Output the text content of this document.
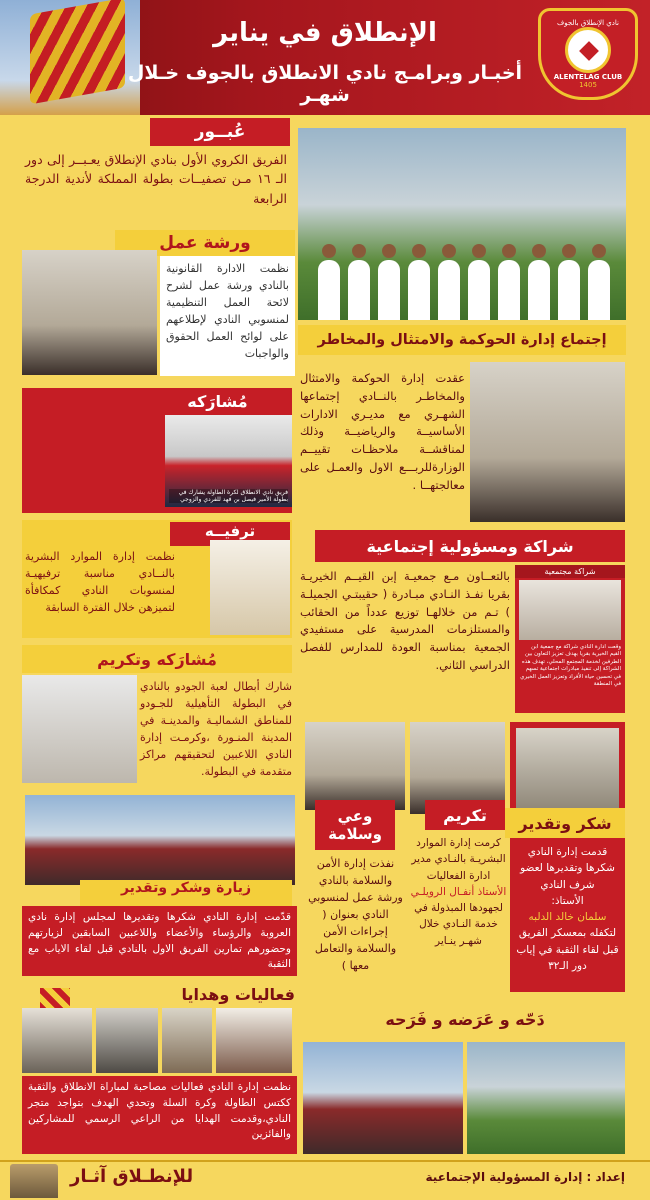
نادي الإنطلاق بالجوف
ALENTELAG CLUB
1405
الإنطلاق في يناير
أخبـار وبرامـج نادي الانطلاق بالجوف خـلال شهـر
عُبــور
الفريق الكروي الأول بنادي الإنطلاق يعـبــر إلى دور الـ ١٦ مـن تصفيــات بطولة المملكة لأندية الدرجة الرابعة
ورشة عمل
نظمت الادارة القانونية بالنادي ورشة عمل لشرح لائحة العمل التنظيمية لمنسوبي النادي لإطلاعهم على لوائح العمل الحقوق والواجبات
إجتماع إدارة الحوكمة والامتثال والمخاطر
عقدت إدارة الحوكمة والامتثال والمخاطـر بالنــادي إجتماعها الشهـري مع مديـري الادارات الأساسيــة والرياضيــة وذلك لمناقشــة ملاحظـات تقييــم الوزارةللربـــع الاول والعمـل على معالجتهــا .
مُشارَكه
فريق نادي الانطلاق لكرة الطاولة يشارك في بطولة الأمير فيصل بن فهد للفردي والزوجي
ترفيــه
نظمت إدارة الموارد البشرية بالنــادي مناسبة ترفيهيـة لمنسوبات النادي كمكافأة لتميزهن خلال الفترة السابقة
شراكة ومسؤولية إجتماعية
بالتعــاون مـع جمعيـة إبن القيــم الخيريـة بقريا نفـذ النـادي مبـادرة ( حقيبتـي الجميلـة ) تـم من خلالهـا توزيع عدداً من الحقائب والمستلزمات المدرسية على مستفيدي الجمعية بمناسبة العودة للمدارس للفصل الدراسي الثاني.
شراكة مجتمعية
وقعت ادارة النادي شراكة مع جمعية ابن القيم الخيرية بقريا بهدف تعزيز التعاون بين الطرفين لخدمة المجتمع المحلي، تهدف هذه الشراكة إلى تنفيذ مبادرات اجتماعية تسهم في تحسين حياة الأفراد وتعزيز العمل الخيري في المنطقة
مُشارَكه وتكريم
شارك أبطال لعبة الجودو بالنادي في البطولة التأهيلية للجـودو للمناطق الشماليـة والمدينـة في المدينة المنـورة ،وكرمـت إدارة النادي اللاعبين لتحقيقهم مراكز متقدمة في البطولة.
وعي
وسلامة
نفذت إدارة الأمن والسلامة بالنادي ورشة عمل لمنسوبي النادي بعنوان ( إجراءات الأمن والسلامة والتعامل معها )
تكريم
كرمت إدارة الموارد البشريـة بالنـادي مدير ادارة الفعاليات
الأستاذ أنفـال الرويلـي
لجهودها المبذولة في خدمة النـادي خلال شهـر ينـاير
قدمت إدارة النادي شكرها وتقديرها لعضو شرف النادي
الأستاذ:
سلمان خالد الدلبه
لتكفله بمعسكر الفريق قبل لقاء الثقبة في إياب دور الـ٣٢
شكر وتقدير
زيارة وشكر وتقدير
قدّمت إدارة النادي شكرها وتقديرها لمجلس إدارة نادي العروبة والرؤساء والأعضاء واللاعبين السابقين لزيارتهم وحضورهم تمارين الفريق الاول بالنادي قبل لقاء الاياب مع الثقبة
فعاليات وهدايا
نظمت إدارة النادي فعاليات مصاحبة لمباراة الانطلاق والثقبة ككتس الطاولة وكرة السلة وتحدي الهدف بتواجد متجر النادي،وقدمت الهدايا من الراعي الرسمي للمشاركين والفائزين
دَحّه و عَرَضه و فَرَحه
إعداد : إدارة المسؤولية الإجتماعية
للإنطـلاق آثـار
